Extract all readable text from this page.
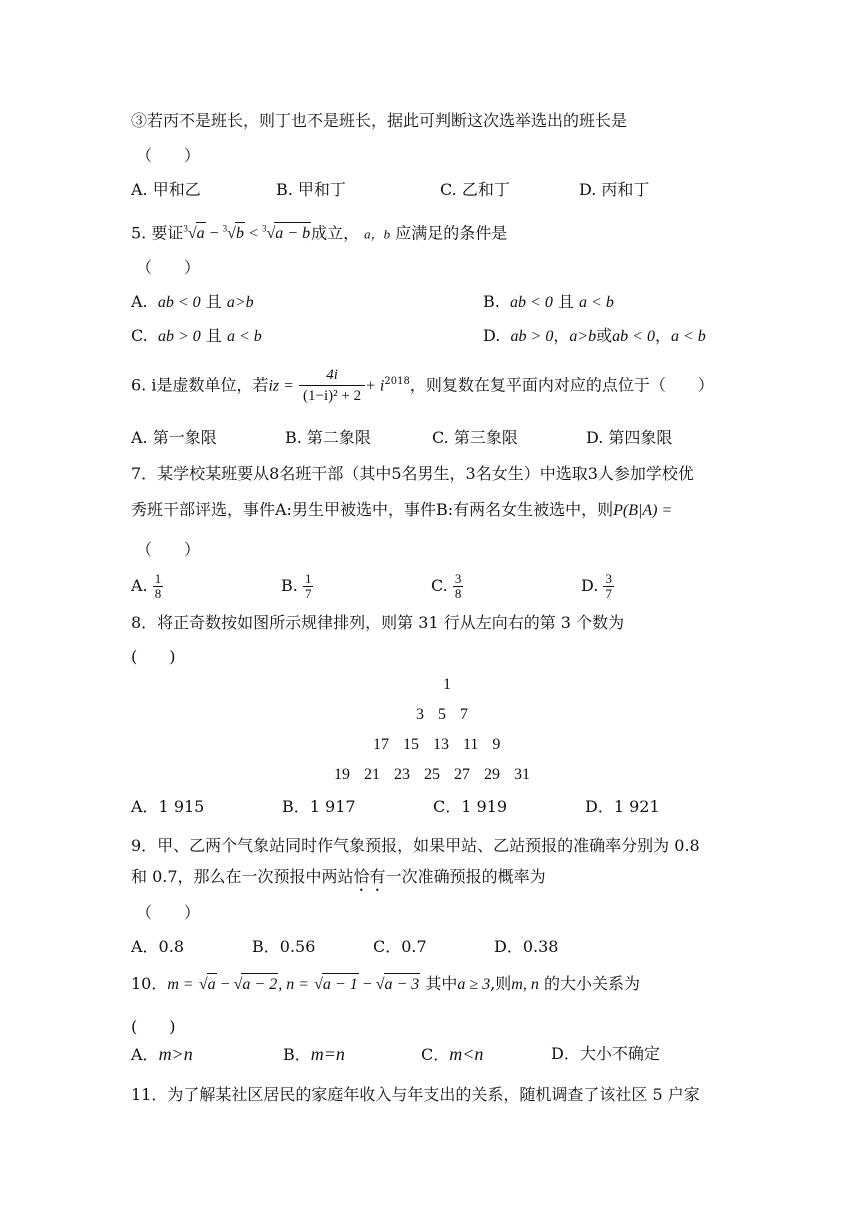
③若丙不是班长，则丁也不是班长，据此可判断这次选举选出的班长是
（　　）
A. 甲和乙	B. 甲和丁	C. 乙和丁	D. 丙和丁
5. 要证$^3$√a − $^3$√b < $^3$√a − b成立， a，b 应满足的条件是
（　　）
A. ab < 0 且 a>b	B. ab < 0 且 a < b
C. ab > 0 且 a < b	D. ab > 0，a>b或ab < 0，a < b
6. i是虚数单位，若iz = $\frac{4i}{\text{(1−i)² + 2}} + i^{2018}$，则复数在复平面内对应的点位于（　　）
A. 第一象限	B. 第二象限	C. 第三象限	D. 第四象限
7．某学校某班要从8名班干部（其中5名男生，3名女生）中选取3人参加学校优
秀班干部评选，事件A:男生甲被选中，事件B:有两名女生被选中，则P(B|A) =
（　　）
A. $\frac{1}{8}$	B. $\frac{1}{7}$	C. $\frac{3}{8}$	D. $\frac{3}{7}$
8．将正奇数按如图所示规律排列，则第 31 行从左向右的第 3 个数为
(　　)
1
3 5 7
17 15 13 11 9
19 21 23 25 27 29 31
A．1 915	B．1 917	C．1 919	D．1 921
9．甲、乙两个气象站同时作气象预报，如果甲站、乙站预报的准确率分别为 0.8
和 0.7，那么在一次预报中两站恰有一次准确预报的概率为
（　　）
A．0.8	B．0.56	C．0.7	D．0.38
10．m = √a − √a − 2, n = √a − 1 − √a − 3 其中a ≥ 3,则m, n 的大小关系为
(　　)
A．m>n	B．m=n	C．m<n	D．大小不确定
11．为了解某社区居民的家庭年收入与年支出的关系，随机调查了该社区 5 户家
